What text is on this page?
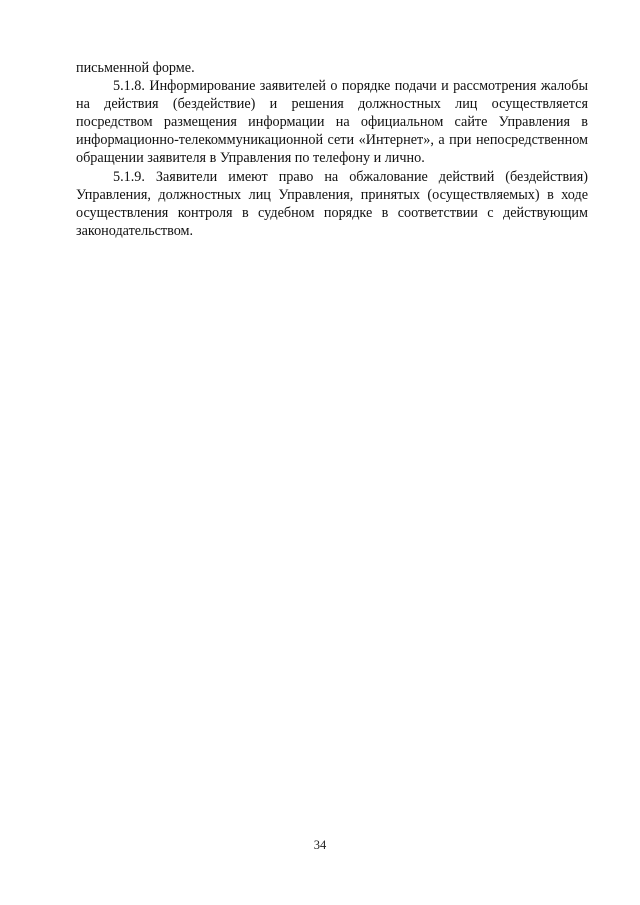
письменной форме.

5.1.8. Информирование заявителей о порядке подачи и рассмотрения жалобы на действия (бездействие) и решения должностных лиц осуществляется посредством размещения информации на официальном сайте Управления в информационно-телекоммуникационной сети «Интернет», а при непосредственном обращении заявителя в Управления по телефону и лично.

5.1.9. Заявители имеют право на обжалование действий (бездействия) Управления, должностных лиц Управления, принятых (осуществляемых) в ходе осуществления контроля в судебном порядке в соответствии с действующим законодательством.

34
